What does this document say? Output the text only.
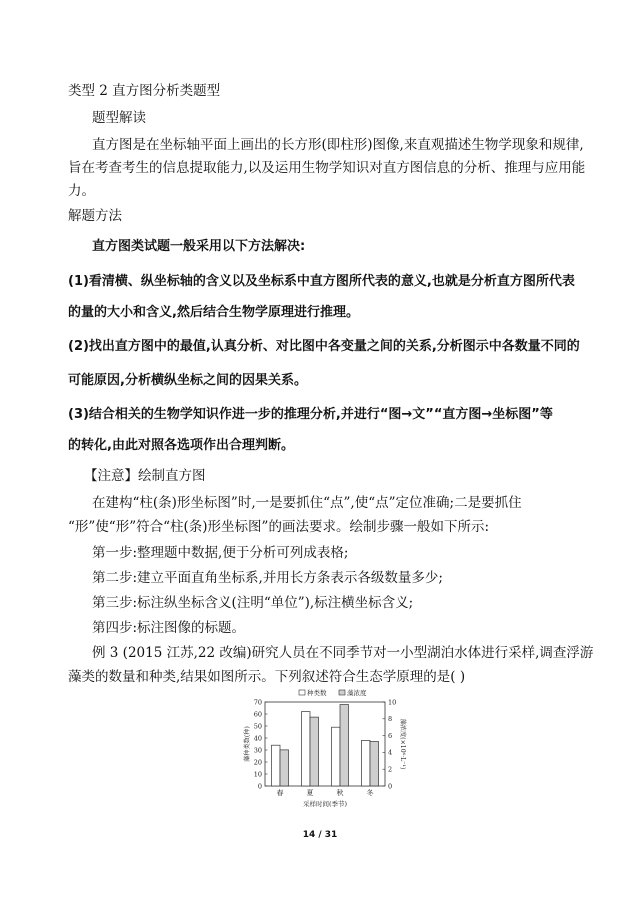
类型 2 直方图分析类题型
题型解读
直方图是在坐标轴平面上画出的长方形(即柱形)图像,来直观描述生物学现象和规律,
旨在考查考生的信息提取能力,以及运用生物学知识对直方图信息的分析、推理与应用能
力。
解题方法
直方图类试题一般采用以下方法解决:
(1)看清横、纵坐标轴的含义以及坐标系中直方图所代表的意义,也就是分析直方图所代表
的量的大小和含义,然后结合生物学原理进行推理。
(2)找出直方图中的最值,认真分析、对比图中各变量之间的关系,分析图示中各数量不同的
可能原因,分析横纵坐标之间的因果关系。
(3)结合相关的生物学知识作进一步的推理分析,并进行“图→文”“直方图→坐标图”等
的转化,由此对照各选项作出合理判断。
【注意】绘制直方图
在建构“柱(条)形坐标图”时,一是要抓住“点”,使“点”定位准确;二是要抓住
“形”使“形”符合“柱(条)形坐标图”的画法要求。绘制步骤一般如下所示:
第一步:整理题中数据,便于分析可列成表格;
第二步:建立平面直角坐标系,并用长方条表示各级数量多少;
第三步:标注纵坐标含义(注明“单位”),标注横坐标含义;
第四步:标注图像的标题。
例 3 (2015 江苏,22 改编)研究人员在不同季节对一小型湖泊水体进行采样,调查浮游
藻类的数量和种类,结果如图所示。下列叙述符合生态学原理的是( )
0
10
20
30
40
50
60
70
0
2
4
6
8
10
春	夏	秋	冬
采样时间(季节)
藻种类数(种)	藻浓度(×10⁶·L⁻¹)
种类数	藻浓度
14 / 31
